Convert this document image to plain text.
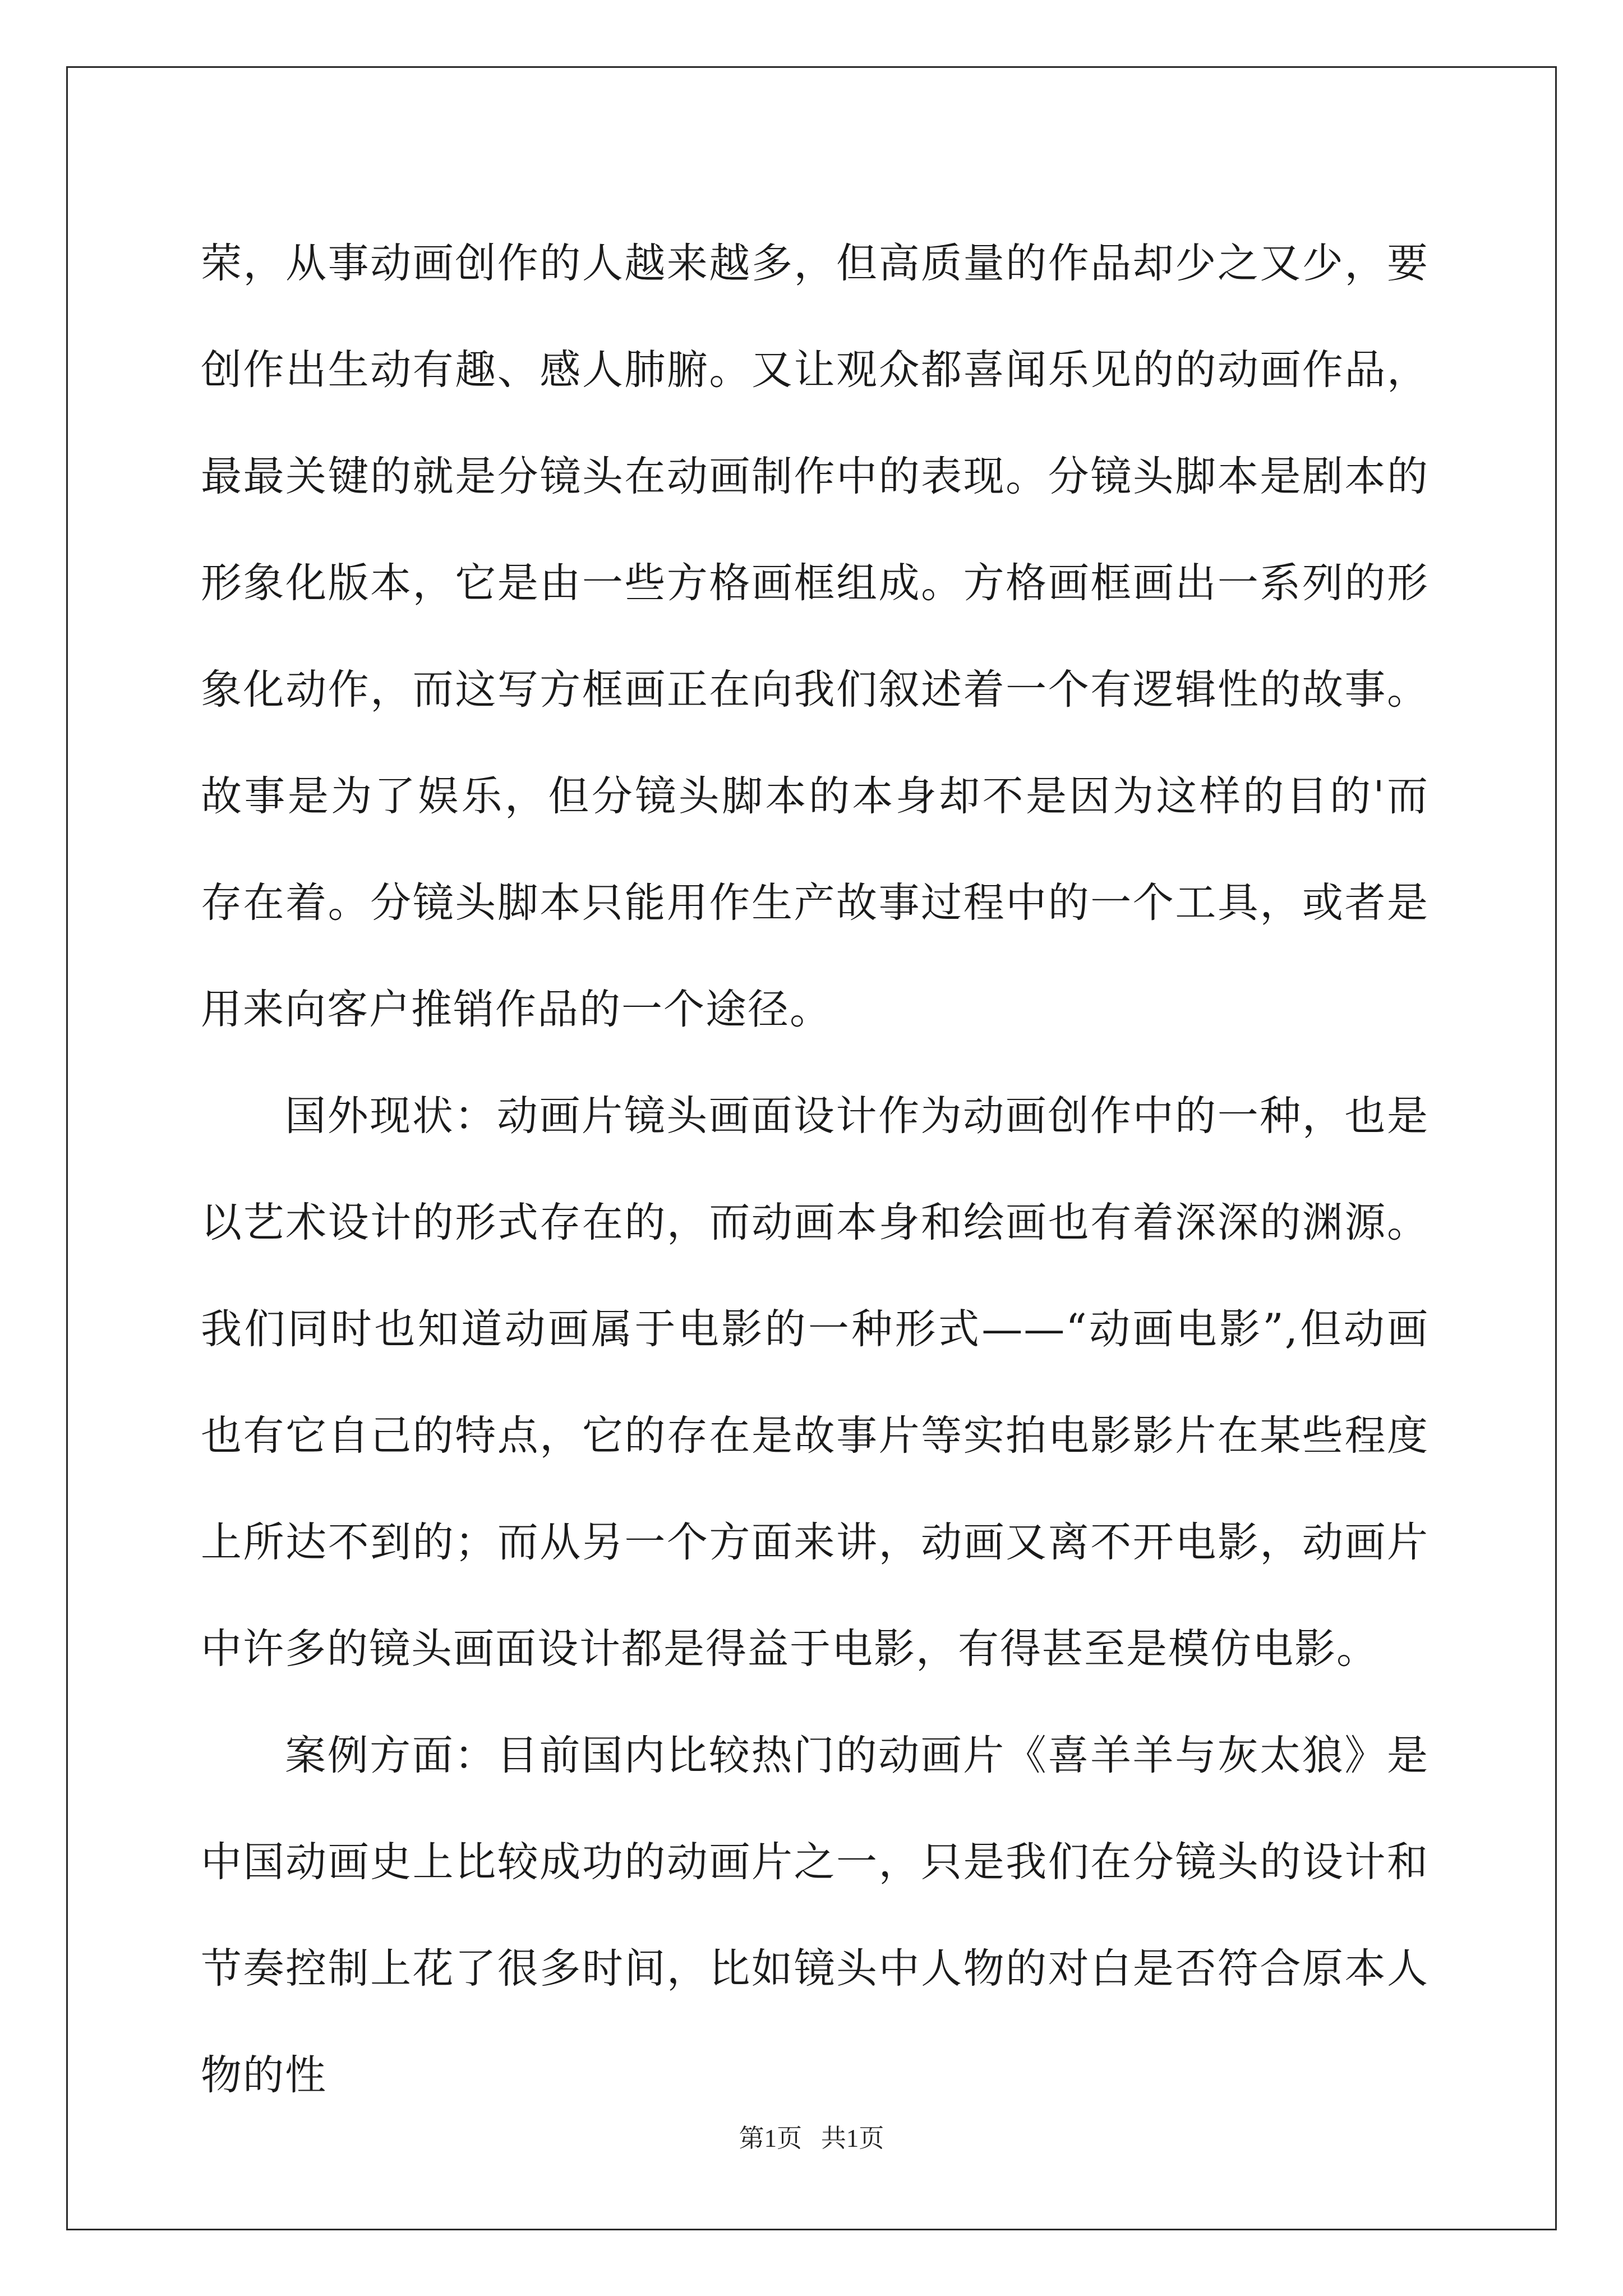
荣，从事动画创作的人越来越多，但高质量的作品却少之又少，要创作出生动有趣、感人肺腑。又让观众都喜闻乐见的的动画作品，最最关键的就是分镜头在动画制作中的表现。分镜头脚本是剧本的形象化版本，它是由一些方格画框组成。方格画框画出一系列的形象化动作，而这写方框画正在向我们叙述着一个有逻辑性的故事。故事是为了娱乐，但分镜头脚本的本身却不是因为这样的目的'而存在着。分镜头脚本只能用作生产故事过程中的一个工具，或者是用来向客户推销作品的一个途径。

国外现状：动画片镜头画面设计作为动画创作中的一种，也是以艺术设计的形式存在的，而动画本身和绘画也有着深深的渊源。我们同时也知道动画属于电影的一种形式——“动画电影”,但动画也有它自己的特点，它的存在是故事片等实拍电影影片在某些程度上所达不到的；而从另一个方面来讲，动画又离不开电影，动画片中许多的镜头画面设计都是得益于电影，有得甚至是模仿电影。

案例方面：目前国内比较热门的动画片《喜羊羊与灰太狼》是中国动画史上比较成功的动画片之一，只是我们在分镜头的设计和节奏控制上花了很多时间，比如镜头中人物的对白是否符合原本人物的性

第1页   共1页
